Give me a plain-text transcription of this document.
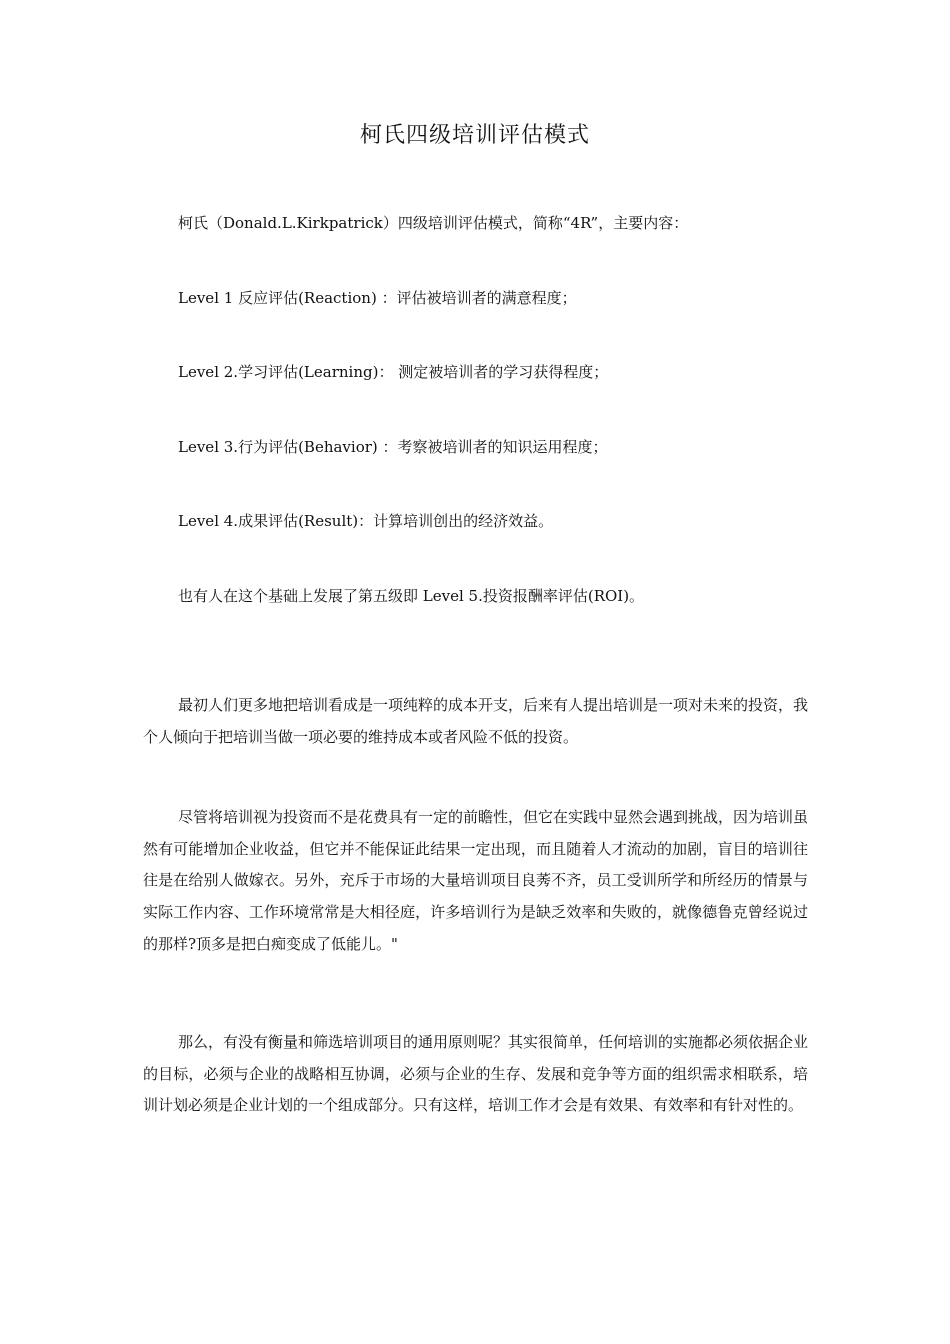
柯氏四级培训评估模式
柯氏（Donald.L.Kirkpatrick）四级培训评估模式，简称“4R”，主要内容：
Level 1 反应评估(Reaction) ：评估被培训者的满意程度；
Level 2.学习评估(Learning)： 测定被培训者的学习获得程度；
Level 3.行为评估(Behavior) ：考察被培训者的知识运用程度；
Level 4.成果评估(Result)：计算培训创出的经济效益。
也有人在这个基础上发展了第五级即 Level 5.投资报酬率评估(ROI)。
最初人们更多地把培训看成是一项纯粹的成本开支，后来有人提出培训是一项对未来的投资，我个人倾向于把培训当做一项必要的维持成本或者风险不低的投资。
尽管将培训视为投资而不是花费具有一定的前瞻性，但它在实践中显然会遇到挑战，因为培训虽然有可能增加企业收益，但它并不能保证此结果一定出现，而且随着人才流动的加剧，盲目的培训往往是在给别人做嫁衣。另外，充斥于市场的大量培训项目良莠不齐，员工受训所学和所经历的情景与实际工作内容、工作环境常常是大相径庭，许多培训行为是缺乏效率和失败的，就像德鲁克曾经说过的那样?顶多是把白痴变成了低能儿。"
那么，有没有衡量和筛选培训项目的通用原则呢？其实很简单，任何培训的实施都必须依据企业的目标，必须与企业的战略相互协调，必须与企业的生存、发展和竞争等方面的组织需求相联系，培训计划必须是企业计划的一个组成部分。只有这样，培训工作才会是有效果、有效率和有针对性的。
